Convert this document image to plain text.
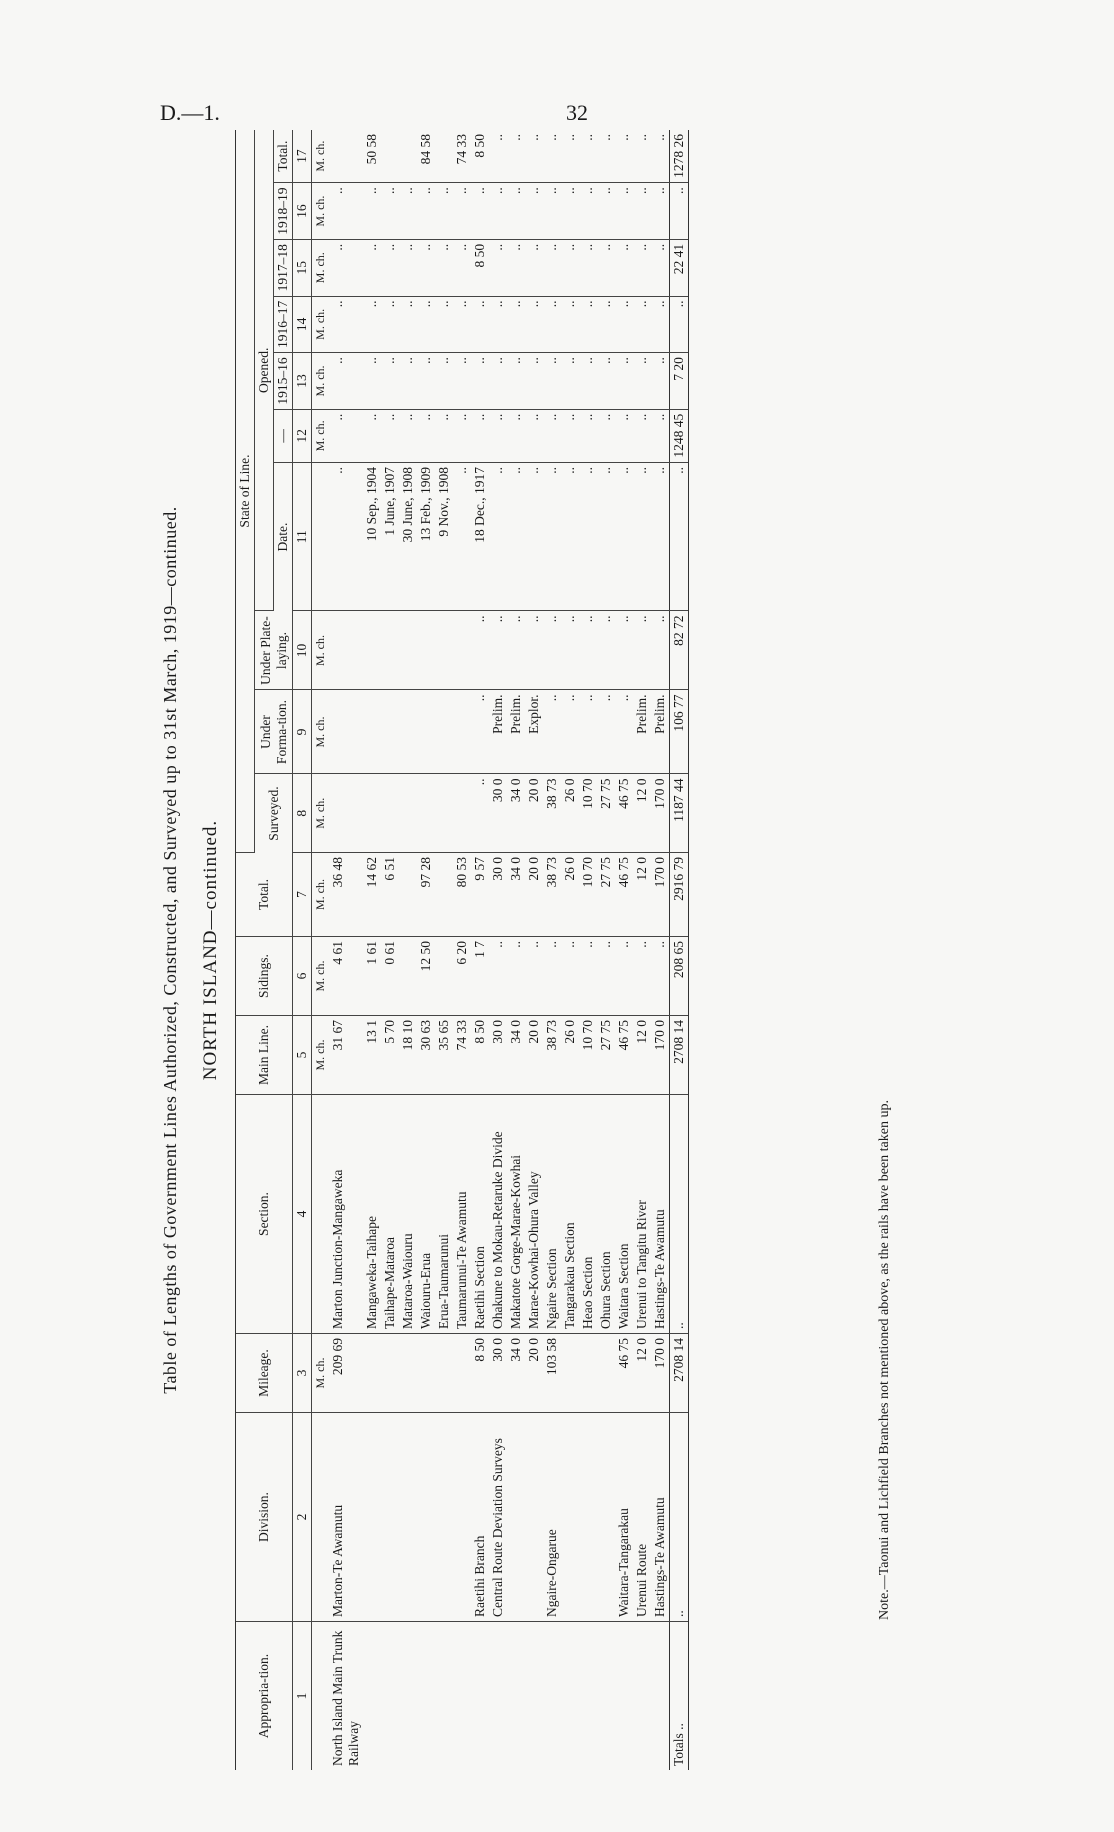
D.—1.	32
Table of Lengths of Government Lines Authorized, Constructed, and Surveyed up to 31st March, 1919—continued. NORTH ISLAND—continued.
Appropria-tion.	Division.	Mileage.	Section.	Main Line.	Sidings.	Total.	State of Line.									
							Surveyed.	Under Forma-tion.	Under Plate-laying.	Opened.						
										Date.	—	1915–16	1916–17	1917–18	1918–19	Total.
1	2	3	4	5	6	7	8	9	10	11	12	13	14	15	16	17
		M. ch.		M. ch.	M. ch.	M. ch.	M. ch.	M. ch.	M. ch.		M. ch.	M. ch.	M. ch.	M. ch.	M. ch.	M. ch.
North Island Main Trunk Railway	Marton-Te Awamutu	209 69	Marton Junction-Mangaweka	31 67	4 61	36 48				..	..	..	..	..	..	
			Mangaweka-Taihape	13 1	1 61	14 62				10 Sep., 1904	..	..	..	..	..	50 58
			Taihape-Mataroa	5 70	0 61	6 51				1 June, 1907	..	..	..	..	..	
			Mataroa-Waiouru	18 10						30 June, 1908	..	..	..	..	..	
			Waiouru-Erua	30 63	12 50	97 28				13 Feb., 1909	..	..	..	..	..	84 58
			Erua-Taumarunui	35 65						9 Nov., 1908	..	..	..	..	..	
			Taumarunui-Te Awamutu	74 33	6 20	80 53				..	..	..	..	..	..	74 33
	Raetihi Branch	8 50	Raetihi Section	8 50	1 7	9 57	..	..	..	18 Dec., 1917	..	..	..	8 50	..	8 50
	Central Route Deviation Surveys	30 0	Ohakune to Mokau-Retaruke Divide	30 0	..	30 0	30 0	Prelim.	..	..	..	..	..	..	..	..
		34 0	Makatote Gorge-Marae-Kowhai	34 0	..	34 0	34 0	Prelim.	..	..	..	..	..	..	..	..
		20 0	Marae-Kowhai-Ohura Valley	20 0	..	20 0	20 0	Explor.	..	..	..	..	..	..	..	..
	Ngaire-Ongarue	103 58	Ngaire Section	38 73	..	38 73	38 73	..	..	..	..	..	..	..	..	..
			Tangarakau Section	26 0	..	26 0	26 0	..	..	..	..	..	..	..	..	..
			Heao Section	10 70	..	10 70	10 70	..	..	..	..	..	..	..	..	..
			Ohura Section	27 75	..	27 75	27 75	..	..	..	..	..	..	..	..	..
	Waitara-Tangarakau	46 75	Waitara Section	46 75	..	46 75	46 75	..	..	..	..	..	..	..	..	..
	Urenui Route	12 0	Urenui to Tangitu River	12 0	..	12 0	12 0	Prelim.	..	..	..	..	..	..	..	..
	Hastings-Te Awamutu	170 0	Hastings-Te Awamutu	170 0	..	170 0	170 0	Prelim.	..	..	..	..	..	..	..	..
Totals ..	..	2708 14	..	2708 14	208 65	2916 79	1187 44	106 77	82 72	..	1248 45	7 20	..	22 41	..	1278 26
Note.—Taonui and Lichfield Branches not mentioned above, as the rails have been taken up.
